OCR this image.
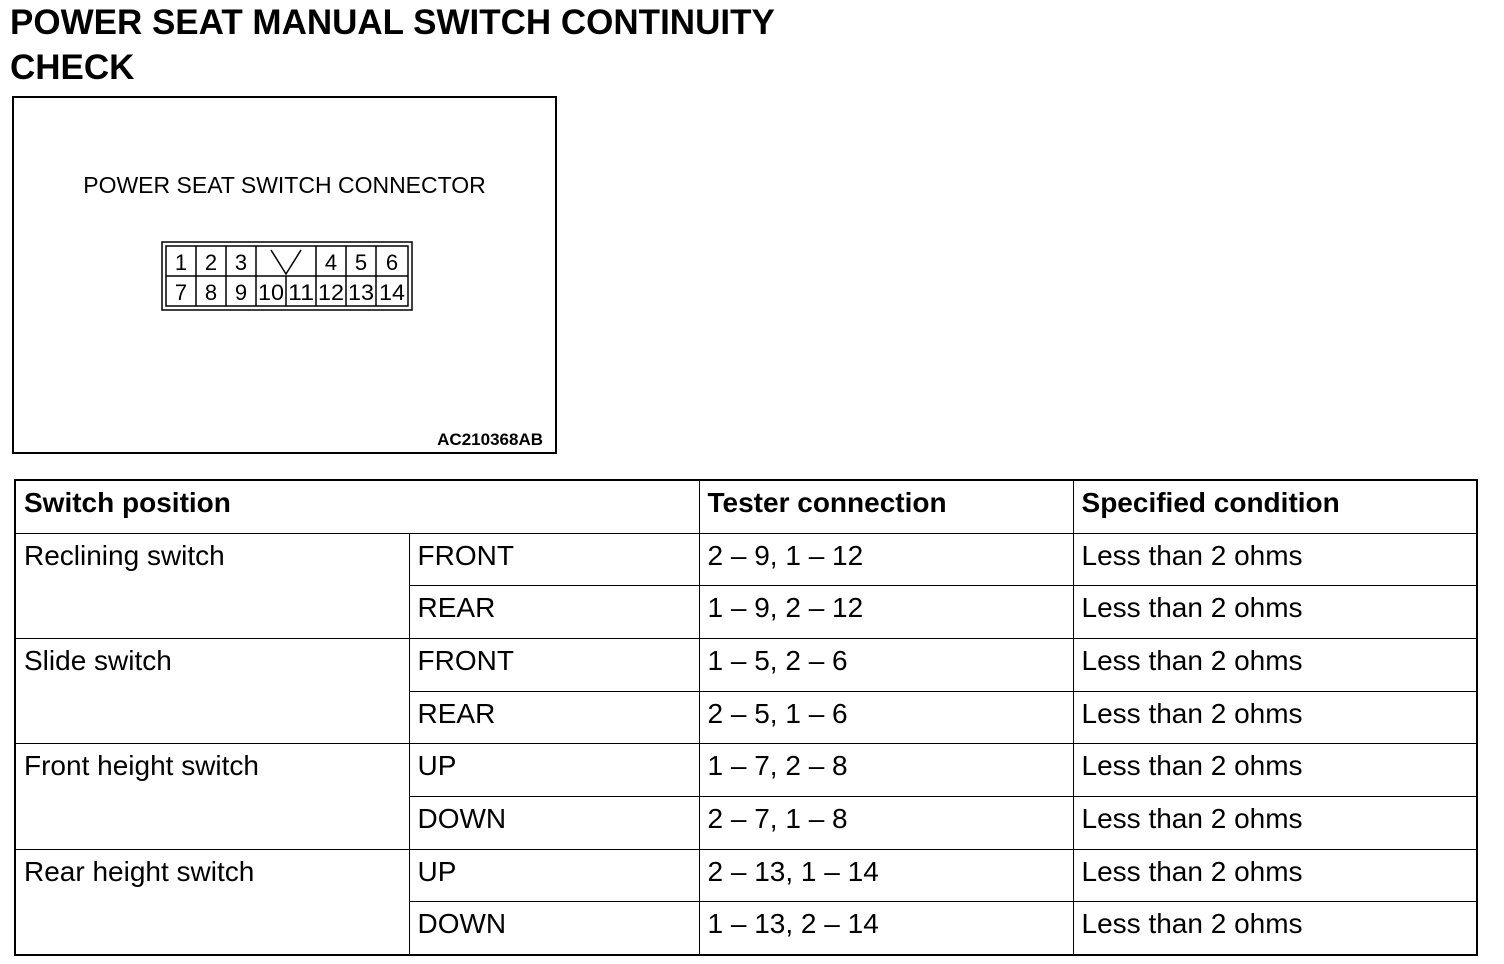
POWER SEAT MANUAL SWITCH CONTINUITY
CHECK
POWER SEAT SWITCH CONNECTOR
1 2 3	4 5 6
7 8 9 10 11 12 13 14
AC210368AB
Switch position		Tester connection	Specified condition
Reclining switch	FRONT	2 – 9, 1 – 12	Less than 2 ohms
	REAR	1 – 9, 2 – 12	Less than 2 ohms
Slide switch	FRONT	1 – 5, 2 – 6	Less than 2 ohms
	REAR	2 – 5, 1 – 6	Less than 2 ohms
Front height switch	UP	1 – 7, 2 – 8	Less than 2 ohms
	DOWN	2 – 7, 1 – 8	Less than 2 ohms
Rear height switch	UP	2 – 13, 1 – 14	Less than 2 ohms
	DOWN	1 – 13, 2 – 14	Less than 2 ohms
